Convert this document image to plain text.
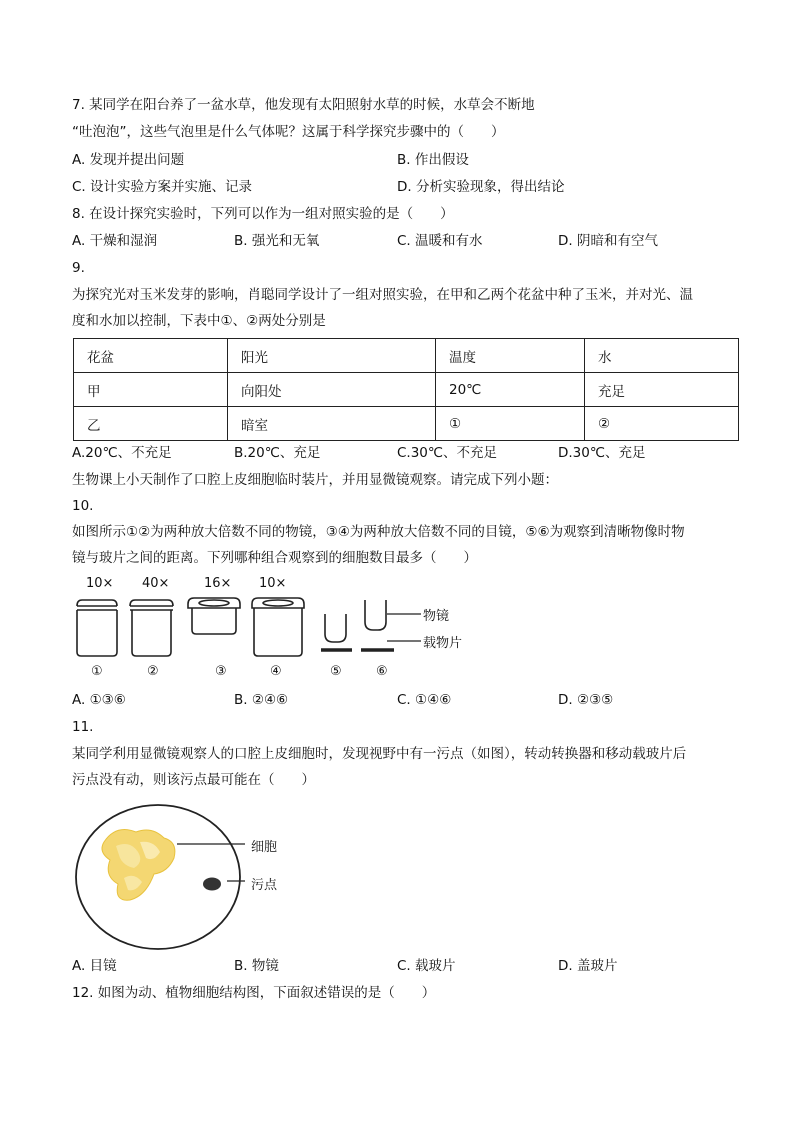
7. 某同学在阳台养了一盆水草，他发现有太阳照射水草的时候，水草会不断地
“吐泡泡”，这些气泡里是什么气体呢？这属于科学探究步骤中的（　　）
A. 发现并提出问题	B. 作出假设
C. 设计实验方案并实施、记录	D. 分析实验现象，得出结论
8. 在设计探究实验时，下列可以作为一组对照实验的是（　　）
A. 干燥和湿润	B. 强光和无氧	C. 温暖和有水	D. 阴暗和有空气
9.
为探究光对玉米发芽的影响，肖聪同学设计了一组对照实验，在甲和乙两个花盆中种了玉米，并对光、温
度和水加以控制，下表中①、②两处分别是
花盆	阳光	温度	水
甲	向阳处	20℃	充足
乙	暗室	①	②
A.20℃、不充足	B.20℃、充足	C.30℃、不充足	D.30℃、充足
生物课上小天制作了口腔上皮细胞临时装片，并用显微镜观察。请完成下列小题：
10.
如图所示①②为两种放大倍数不同的物镜，③④为两种放大倍数不同的目镜，⑤⑥为观察到清晰物像时物
镜与玻片之间的距离。下列哪种组合观察到的细胞数目最多（　　）
10× 40×	16× 10×
物镜
载物片
①	②	③	④	⑤	⑥
A. ①③⑥	B. ②④⑥	C. ①④⑥	D. ②③⑤
11.
某同学利用显微镜观察人的口腔上皮细胞时，发现视野中有一污点（如图），转动转换器和移动载玻片后
污点没有动，则该污点最可能在（　　）
细胞
污点
A. 目镜	B. 物镜	C. 载玻片	D. 盖玻片
12. 如图为动、植物细胞结构图，下面叙述错误的是（　　）
